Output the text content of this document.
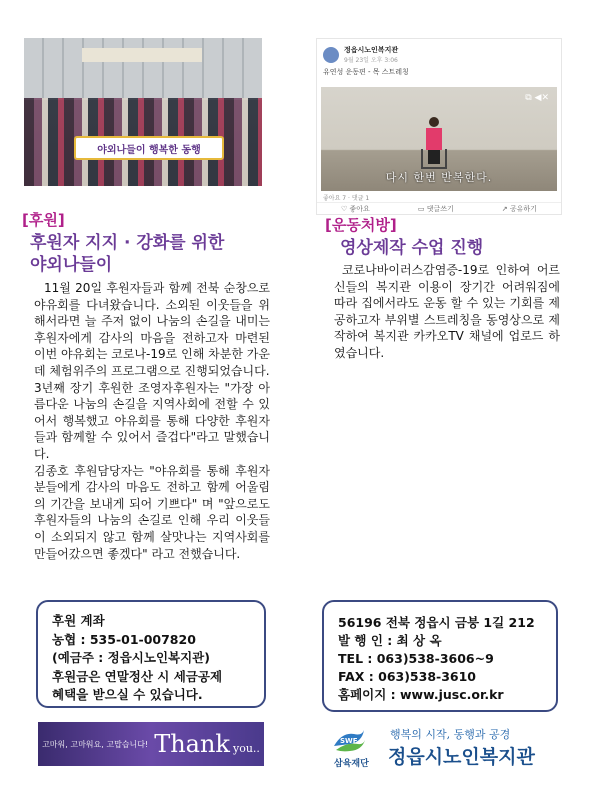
야외나들이 행복한 동행
[후원]
후원자 지지 · 강화를 위한
야외나들이
11월 20일 후원자들과 함께 전북 순창으로 야유회를 다녀왔습니다. 소외된 이웃들을 위해서라면 늘 주저 없이 나눔의 손길을 내미는 후원자에게 감사의 마음을 전하고자 마련된 이번 야유회는 코로나-19로 인해 차분한 가운데 체험위주의 프로그램으로 진행되었습니다.
3년째 장기 후원한 조영자후원자는 "가장 아름다운 나눔의 손길을 지역사회에 전할 수 있어서 행복했고 야유회를 통해 다양한 후원자들과 함께할 수 있어서 즐겁다"라고 말했습니다.
김종호 후원담당자는 "야유회를 통해 후원자분들에게 감사의 마음도 전하고 함께 어울림의 기간을 보내게 되어 기쁘다" 며 "앞으로도 후원자들의 나눔의 손길로 인해 우리 이웃들이 소외되지 않고 함께 살맛나는 지역사회를 만들어갔으면 좋겠다" 라고 전했습니다.
후원 계좌
농협 : 535-01-007820
(예금주 : 정읍시노인복지관)
후원금은 연말정산 시 세금공제
혜택을 받으실 수 있습니다.
고마워, 고마워요, 고맙습니다! Thank you..
정읍시노인복지관
9월 23일 오후 3:06
유연성 운동편 - 목 스트레칭
⧉ ◀✕
다시 한번 반복한다.
좋아요 7 · 댓글 1
♡ 좋아요	▭ 댓글쓰기	↗ 공유하기
[운동처방]
영상제작 수업 진행
코로나바이러스감염증-19로 인하여 어르신들의 복지관 이용이 장기간 어려워짐에 따라 집에서라도 운동 할 수 있는 기회를 제공하고자 부위별 스트레칭을 동영상으로 제작하여 복지관 카카오TV 채널에 업로드 하였습니다.
56196 전북 정읍시 금붕 1길 212
발 행 인 : 최 상 옥
TEL : 063)538-3606~9
FAX : 063)538-3610
홈페이지 : www.jusc.or.kr
SWF
삼육재단
행복의 시작, 동행과 공경
정읍시노인복지관
